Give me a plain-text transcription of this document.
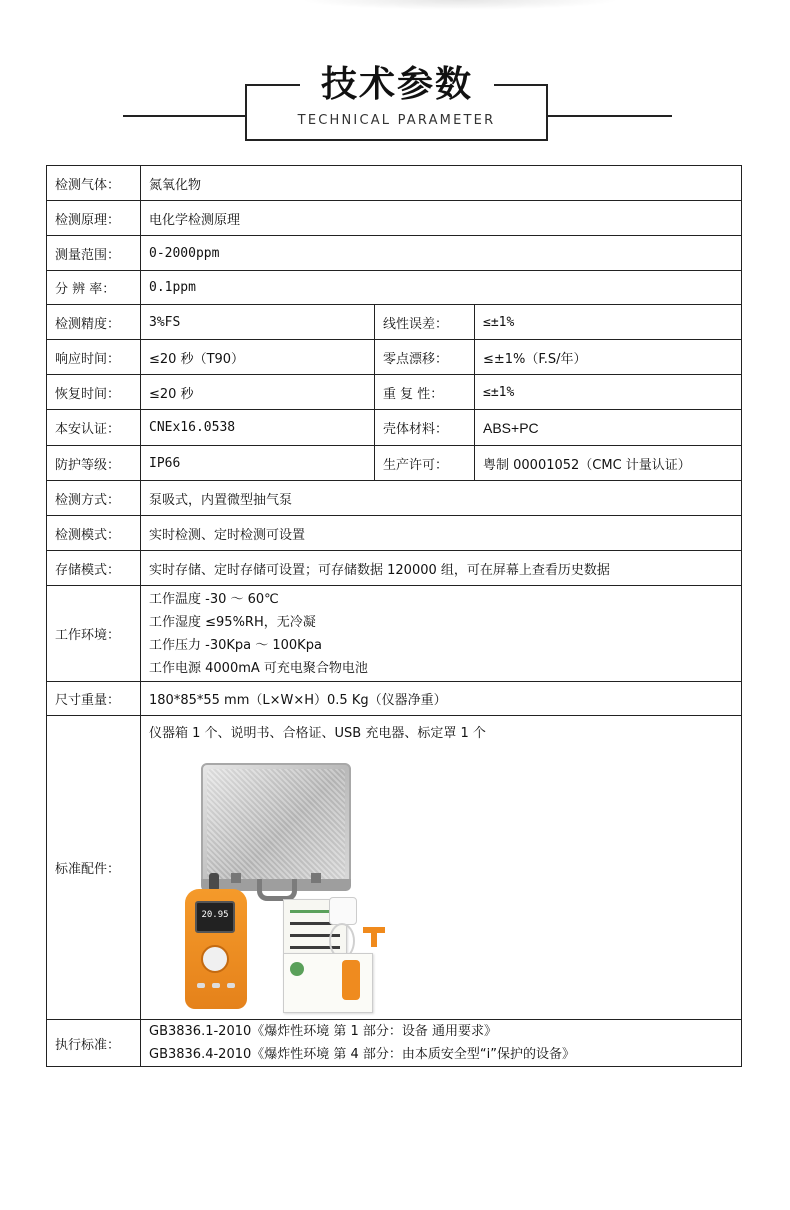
技术参数
TECHNICAL PARAMETER
检测气体：	氮氧化物		
检测原理：	电化学检测原理		
测量范围：	0-2000ppm		
分 辨 率：	0.1ppm		
检测精度：	3%FS	线性误差：	≤±1%
响应时间：	≤20 秒（T90）	零点漂移：	≤±1%（F.S/年）
恢复时间：	≤20 秒	重 复 性：	≤±1%
本安认证：	CNEx16.0538	壳体材料：	ABS+PC
防护等级：	IP66	生产许可：	粤制 00001052（CMC 计量认证）
检测方式：	泵吸式，内置微型抽气泵		
检测模式：	实时检测、定时检测可设置		
存储模式：	实时存储、定时存储可设置；可存储数据 120000 组，可在屏幕上查看历史数据		
工作环境：	工作温度 -30 ～ 60℃
工作湿度 ≤95%RH，无冷凝
工作压力 -30Kpa ～ 100Kpa
工作电源 4000mA 可充电聚合物电池		

尺寸重量：	180*85*55 mm（L×W×H）0.5 Kg（仪器净重）		
标准配件：	仪器箱 1 个、说明书、合格证、USB 充电器、标定罩 1 个
20.95		

执行标准：	GB3836.1-2010《爆炸性环境 第 1 部分：设备 通用要求》
GB3836.4-2010《爆炸性环境 第 4 部分：由本质安全型“i”保护的设备》		
